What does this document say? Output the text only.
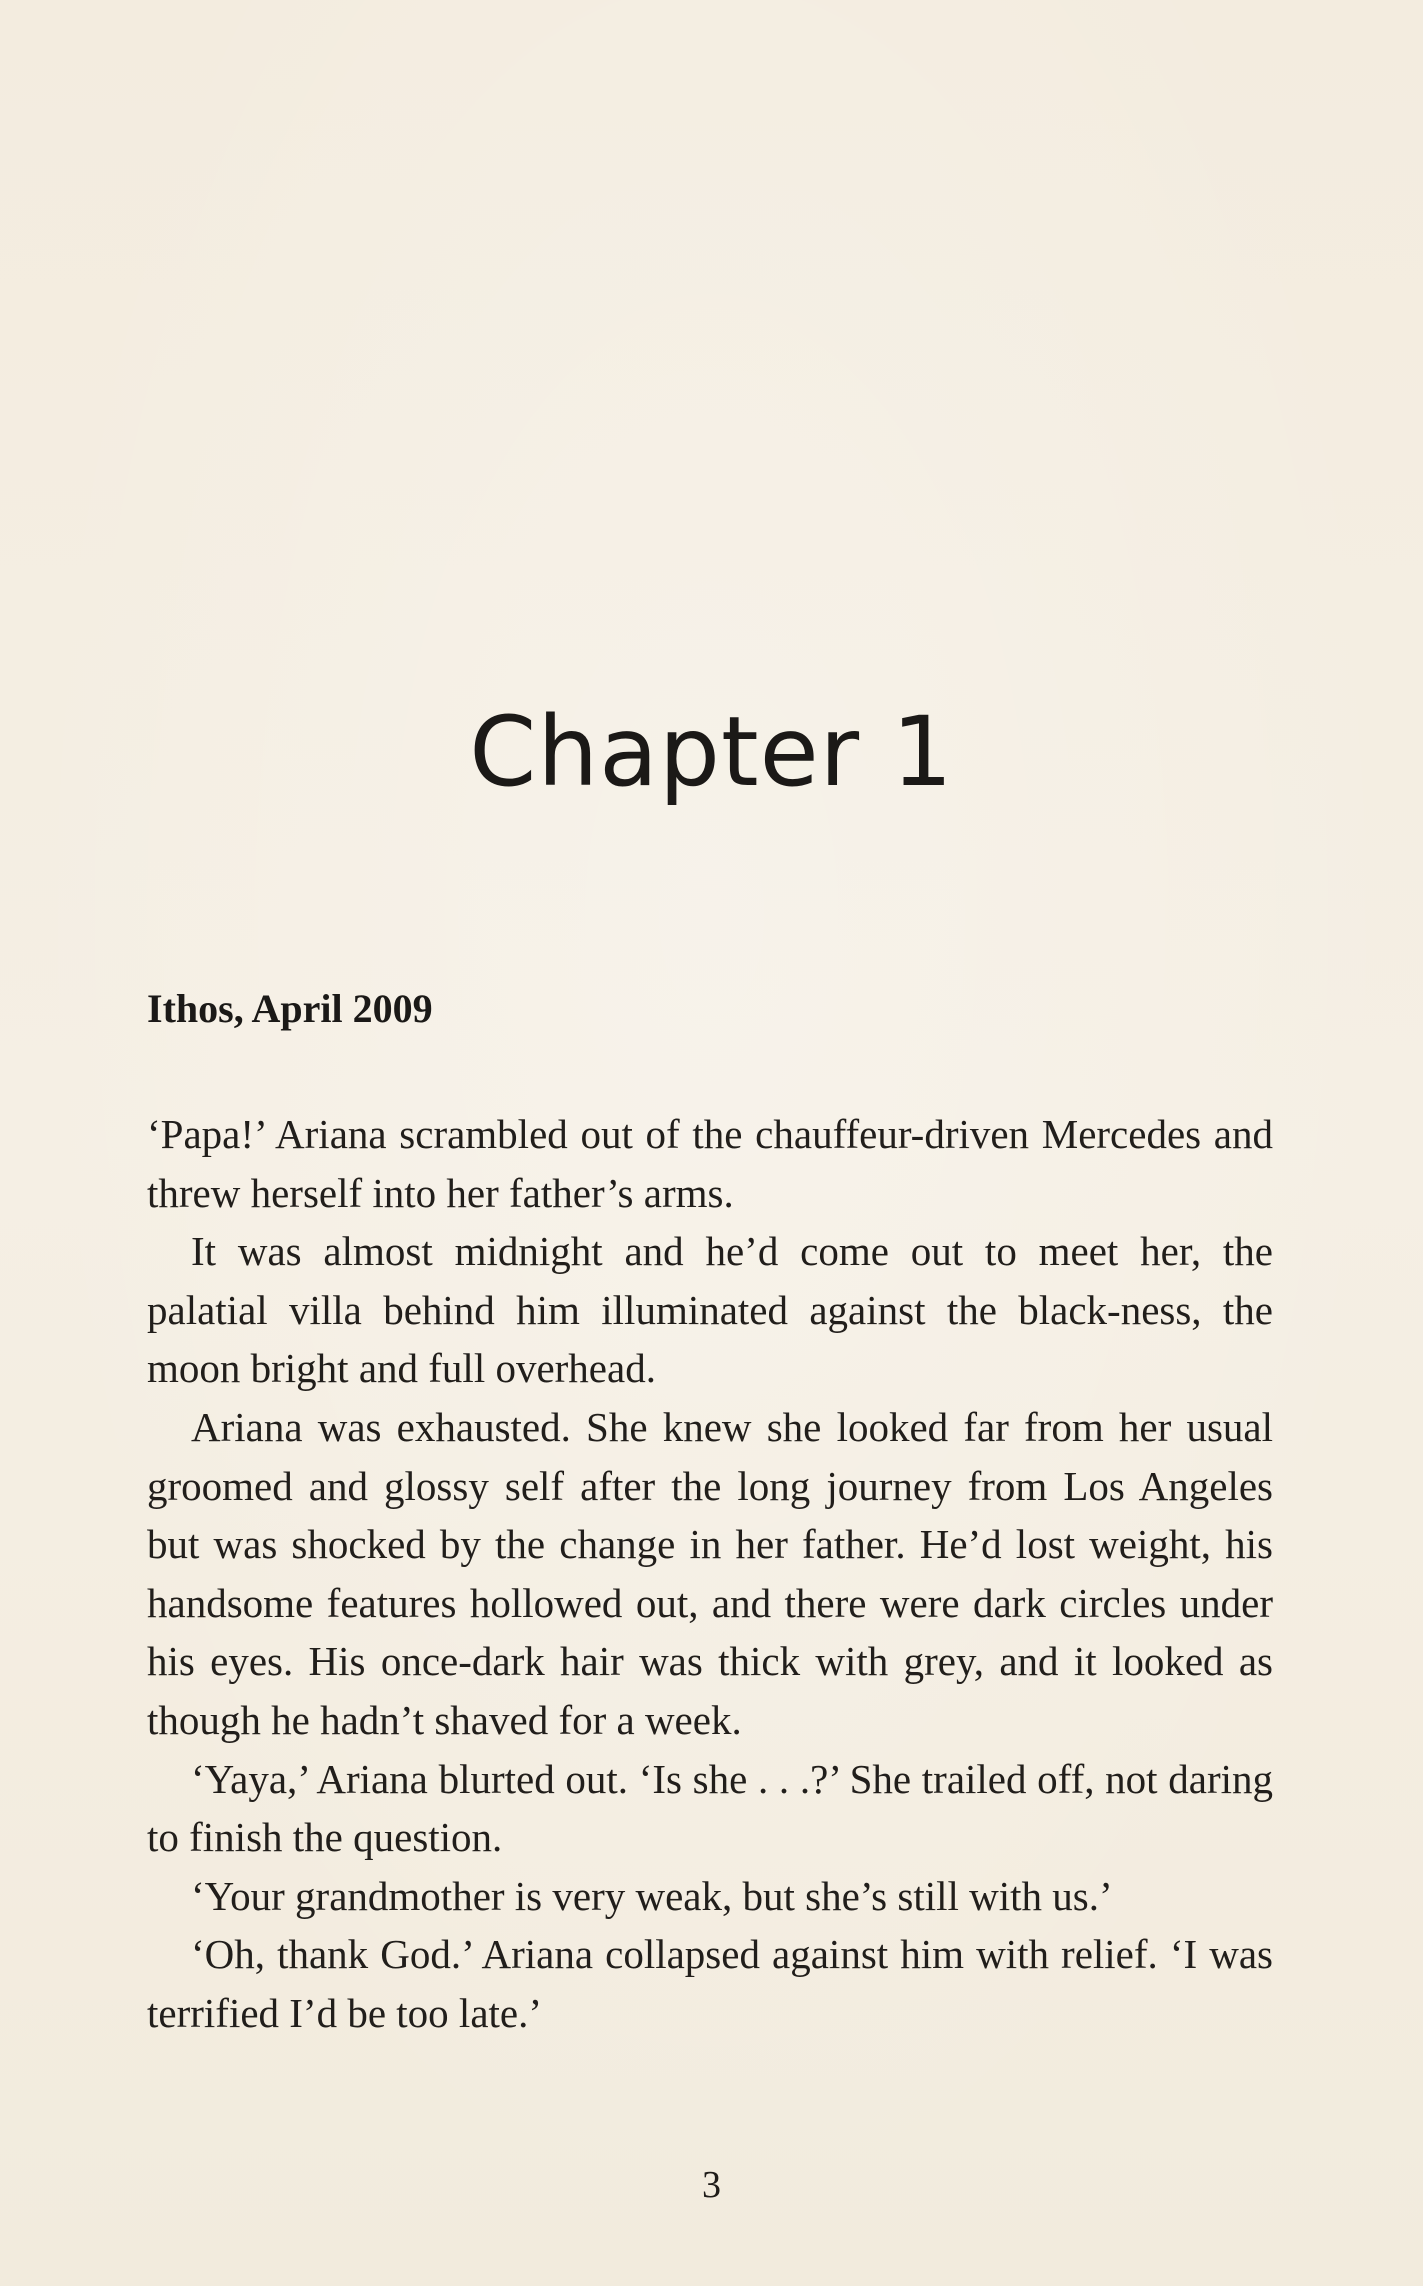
Chapter 1

Ithos, April 2009

‘Papa!’ Ariana scrambled out of the chauffeur-driven Mercedes and threw herself into her father’s arms.

It was almost midnight and he’d come out to meet her, the palatial villa behind him illuminated against the black-ness, the moon bright and full overhead.

Ariana was exhausted. She knew she looked far from her usual groomed and glossy self after the long journey from Los Angeles but was shocked by the change in her father. He’d lost weight, his handsome features hollowed out, and there were dark circles under his eyes. His once-dark hair was thick with grey, and it looked as though he hadn’t shaved for a week.

‘Yaya,’ Ariana blurted out. ‘Is she . . .?’ She trailed off, not daring to finish the question.

‘Your grandmother is very weak, but she’s still with us.’

‘Oh, thank God.’ Ariana collapsed against him with relief. ‘I was terrified I’d be too late.’

3
